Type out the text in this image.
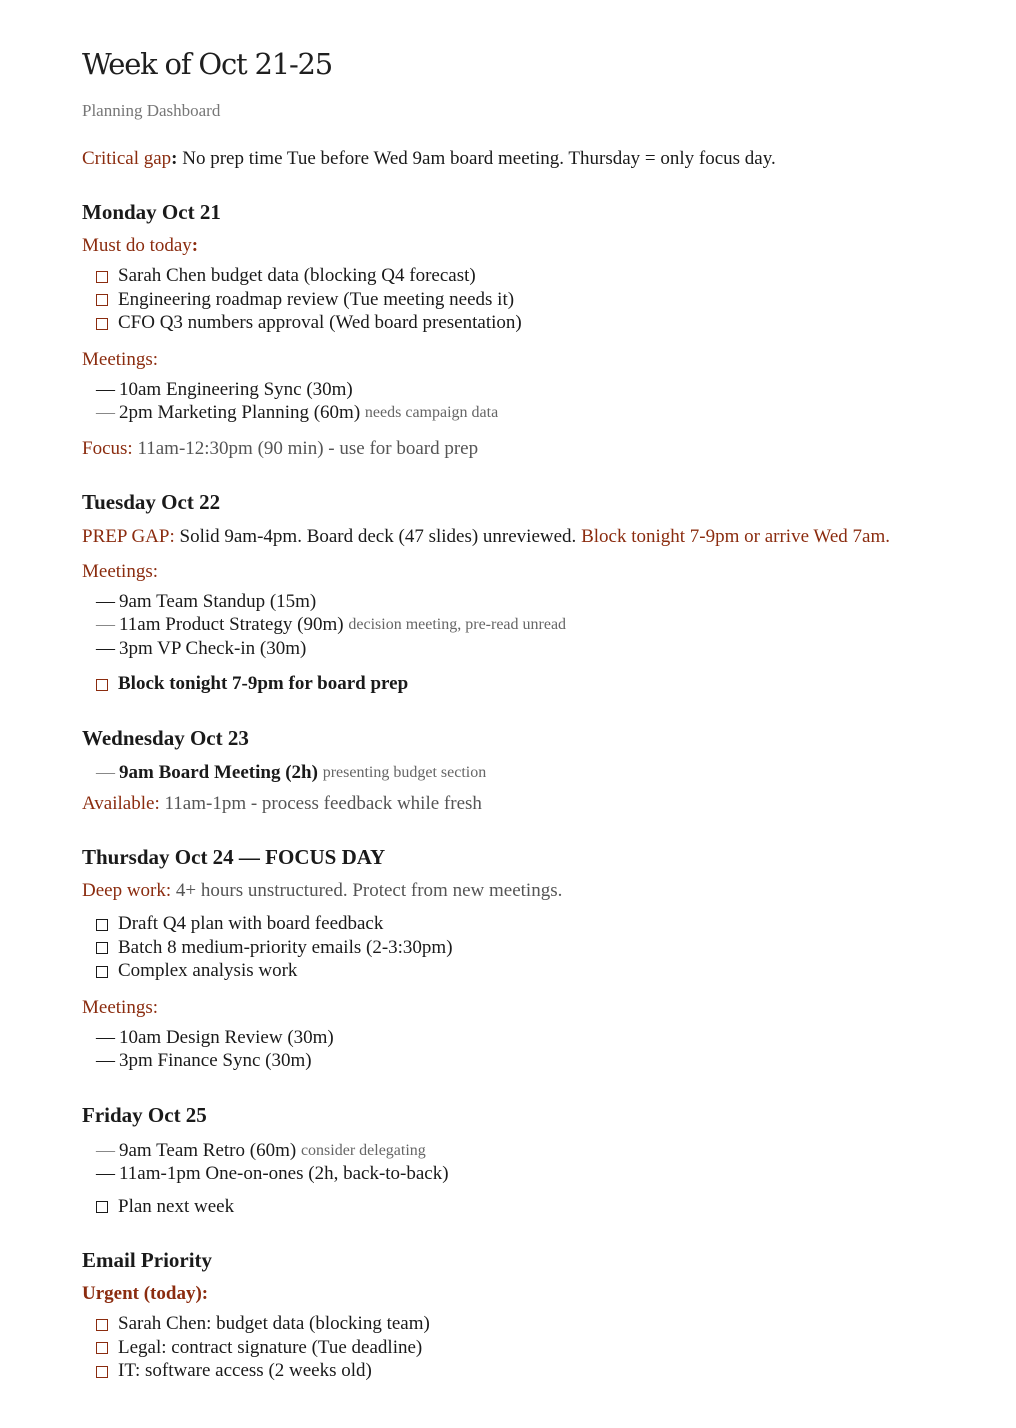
Week of Oct 21-25
Planning Dashboard
Critical gap: No prep time Tue before Wed 9am board meeting. Thursday = only focus day.
Monday Oct 21
Must do today:
Sarah Chen budget data (blocking Q4 forecast)
Engineering roadmap review (Tue meeting needs it)
CFO Q3 numbers approval (Wed board presentation)
Meetings:
— 10am Engineering Sync (30m)
— 2pm Marketing Planning (60m)
needs campaign data
Focus: 11am-12:30pm (90 min) - use for board prep
Tuesday Oct 22
PREP GAP: Solid 9am-4pm. Board deck (47 slides) unreviewed. Block tonight 7-9pm or arrive Wed 7am.
Meetings:
— 9am Team Standup (15m)
— 11am Product Strategy (90m)
decision meeting, pre-read unread
— 3pm VP Check-in (30m)
Block tonight 7-9pm for board prep
Wednesday Oct 23
— 9am Board Meeting (2h)
presenting budget section
Available: 11am-1pm - process feedback while fresh
Thursday Oct 24 — FOCUS DAY
Deep work: 4+ hours unstructured. Protect from new meetings.
Draft Q4 plan with board feedback
Batch 8 medium-priority emails (2-3:30pm)
Complex analysis work
Meetings:
— 10am Design Review (30m)
— 3pm Finance Sync (30m)
Friday Oct 25
— 9am Team Retro (60m)
consider delegating
— 11am-1pm One-on-ones (2h, back-to-back)
Plan next week
Email Priority
Urgent (today):
Sarah Chen: budget data (blocking team)
Legal: contract signature (Tue deadline)
IT: software access (2 weeks old)
